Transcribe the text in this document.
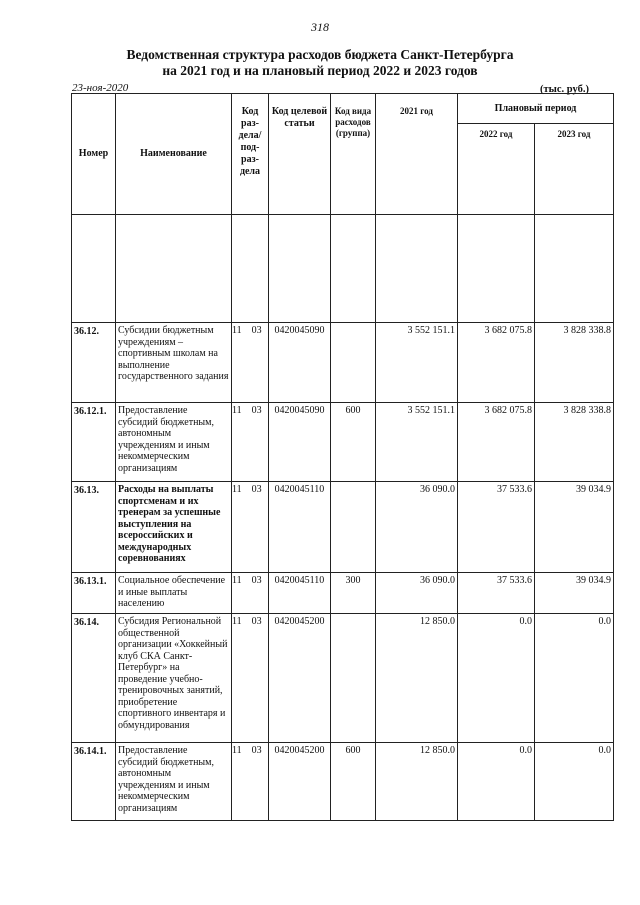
318
Ведомственная структура расходов бюджета Санкт-Петербурга
на 2021 год и на плановый период 2022 и 2023 годов
23-ноя-2020	(тыс. руб.)
Номер	Наименование	Код раз-дела/ под-раз-дела	Код целевой статьи	Код вида расходов (группа)	2021 год	Плановый период	
						2022 год	2023 год

36.12.	Субсидии бюджетным учреждениям – спортивным школам на выполнение государственного задания	11 03	0420045090		3 552 151.1	3 682 075.8	3 828 338.8
36.12.1.	Предоставление субсидий бюджетным, автономным учреждениям и иным некоммерческим организациям	11 03	0420045090	600	3 552 151.1	3 682 075.8	3 828 338.8
36.13.	Расходы на выплаты спортсменам и их тренерам за успешные выступления на всероссийских и международных соревнованиях	11 03	0420045110		36 090.0	37 533.6	39 034.9
36.13.1.	Социальное обеспечение и иные выплаты населению	11 03	0420045110	300	36 090.0	37 533.6	39 034.9
36.14.	Субсидия Региональной общественной организации «Хоккейный клуб СКА Санкт-Петербург» на проведение учебно-тренировочных занятий, приобретение спортивного инвентаря и обмундирования	11 03	0420045200		12 850.0	0.0	0.0
36.14.1.	Предоставление субсидий бюджетным, автономным учреждениям и иным некоммерческим организациям	11 03	0420045200	600	12 850.0	0.0	0.0
